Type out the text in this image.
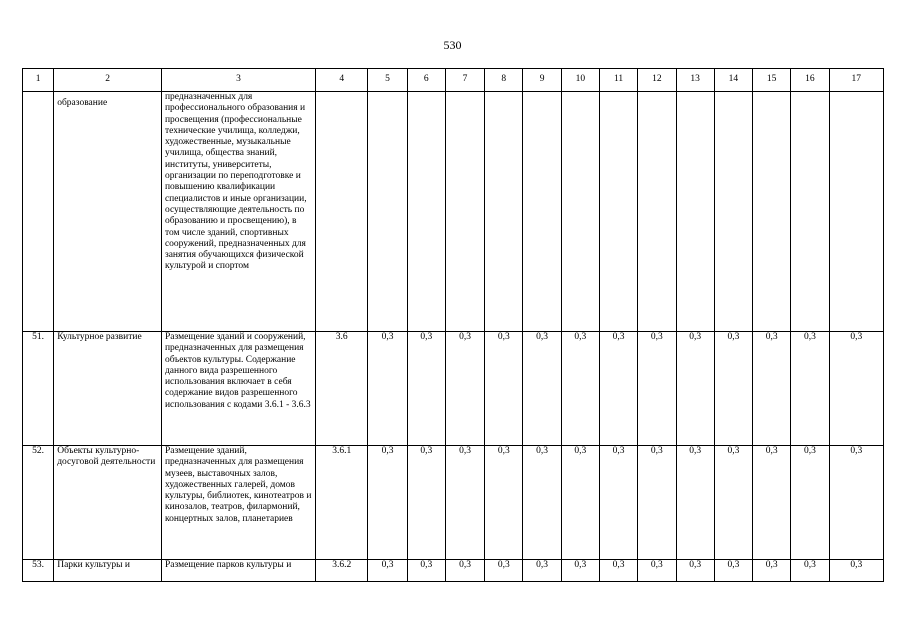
530
1	2	3	4	5	6	7	8	9	10	11	12	13	14	15	16	17
	образование	предназначенных для профессионального образования и просвещения (профессиональные технические училища, колледжи, художественные, музыкальные училища, общества знаний, институты, университеты, организации по переподготовке и повышению квалификации специалистов и иные организации, осуществляющие деятельность по образованию и просвещению), в том числе зданий, спортивных сооружений, предназначенных для занятия обучающихся физической культурой и спортом														
51.	Культурное развитие	Размещение зданий и сооружений, предназначенных для размещения объектов культуры. Содержание данного вида разрешенного использования включает в себя содержание видов разрешенного использования с кодами 3.6.1 - 3.6.3	3.6	0,3	0,3	0,3	0,3	0,3	0,3	0,3	0,3	0,3	0,3	0,3	0,3	0,3
52.	Объекты культурно-досуговой деятельности	Размещение зданий, предназначенных для размещения музеев, выставочных залов, художественных галерей, домов культуры, библиотек, кинотеатров и кинозалов, театров, филармоний, концертных залов, планетариев	3.6.1	0,3	0,3	0,3	0,3	0,3	0,3	0,3	0,3	0,3	0,3	0,3	0,3	0,3
53.	Парки культуры и	Размещение парков культуры и	3.6.2	0,3	0,3	0,3	0,3	0,3	0,3	0,3	0,3	0,3	0,3	0,3	0,3	0,3
